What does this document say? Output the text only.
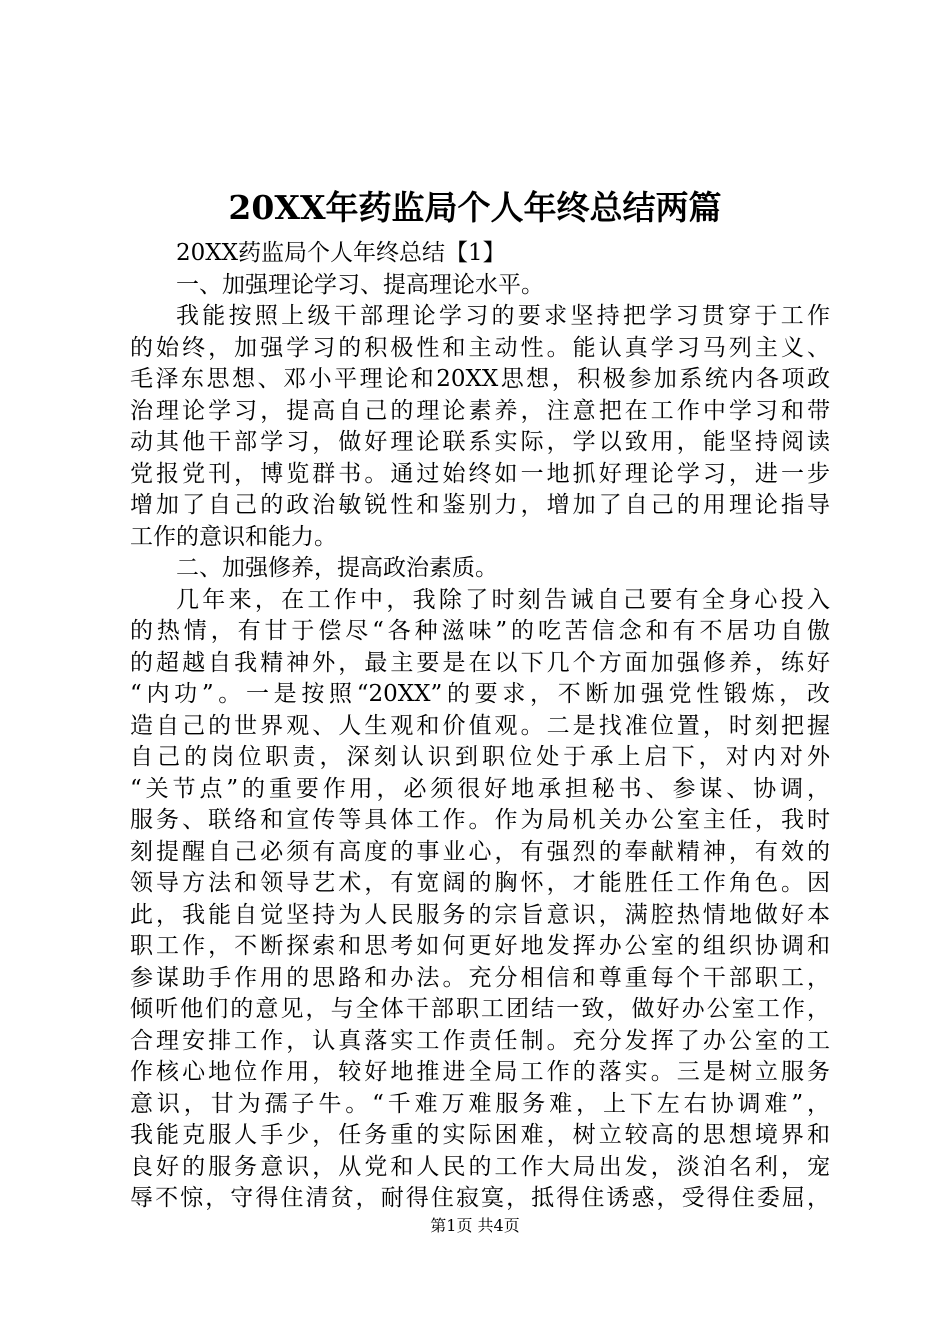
20XX年药监局个人年终总结两篇
20XX药监局个人年终总结【1】
一、加强理论学习、提高理论水平。
我能按照上级干部理论学习的要求坚持把学习贯穿于工作
的始终，加强学习的积极性和主动性。能认真学习马列主义、
毛泽东思想、邓小平理论和20XX思想，积极参加系统内各项政
治理论学习，提高自己的理论素养，注意把在工作中学习和带
动其他干部学习，做好理论联系实际，学以致用，能坚持阅读
党报党刊，博览群书。通过始终如一地抓好理论学习，进一步
增加了自己的政治敏锐性和鉴别力，增加了自己的用理论指导
工作的意识和能力。
二、加强修养，提高政治素质。
几年来，在工作中，我除了时刻告诫自己要有全身心投入
的热情，有甘于偿尽“各种滋味”的吃苦信念和有不居功自傲
的超越自我精神外，最主要是在以下几个方面加强修养，练好
“内功”。一是按照“20XX”的要求，不断加强党性锻炼，改
造自己的世界观、人生观和价值观。二是找准位置，时刻把握
自己的岗位职责，深刻认识到职位处于承上启下，对内对外
“关节点”的重要作用，必须很好地承担秘书、参谋、协调，
服务、联络和宣传等具体工作。作为局机关办公室主任，我时
刻提醒自己必须有高度的事业心，有强烈的奉献精神，有效的
领导方法和领导艺术，有宽阔的胸怀，才能胜任工作角色。因
此，我能自觉坚持为人民服务的宗旨意识，满腔热情地做好本
职工作，不断探索和思考如何更好地发挥办公室的组织协调和
参谋助手作用的思路和办法。充分相信和尊重每个干部职工，
倾听他们的意见，与全体干部职工团结一致，做好办公室工作，
合理安排工作，认真落实工作责任制。充分发挥了办公室的工
作核心地位作用，较好地推进全局工作的落实。三是树立服务
意识，甘为孺子牛。“千难万难服务难，上下左右协调难”，
我能克服人手少，任务重的实际困难，树立较高的思想境界和
良好的服务意识，从党和人民的工作大局出发，淡泊名利，宠
辱不惊，守得住清贫，耐得住寂寞，抵得住诱惑，受得住委屈，
第1页 共4页
